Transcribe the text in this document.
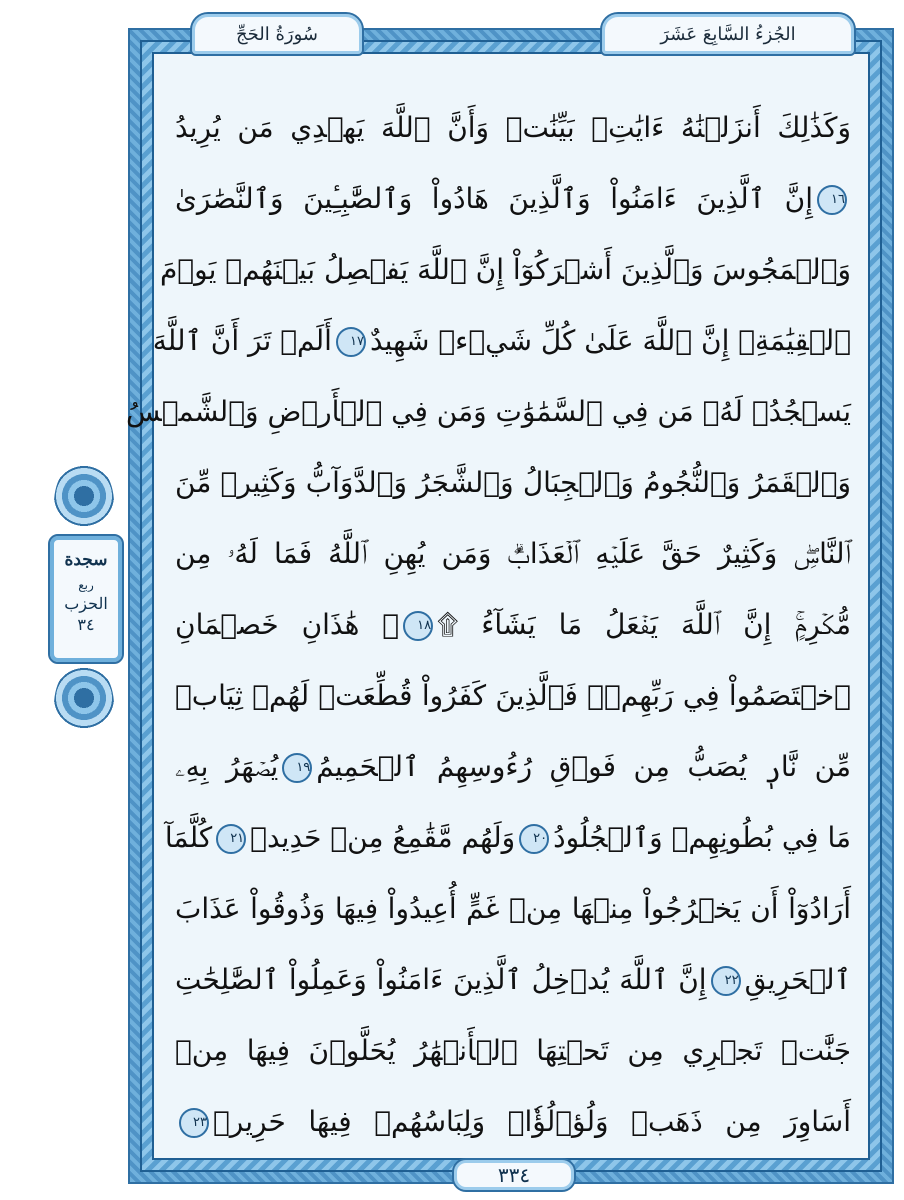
الجُزءُ السَّابِعَ عَشَرَ
سُورَةُ الحَجِّ
سجدة
ربع
الحزب
٣٤
وَكَذَٰلِكَ أَنزَلۡنَٰهُ ءَايَٰتِۢ بَيِّنَٰتٖ وَأَنَّ ٱللَّهَ يَهۡدِي مَن يُرِيدُ
١٦إِنَّ ٱلَّذِينَ ءَامَنُواْ وَٱلَّذِينَ هَادُواْ وَٱلصَّٰبِـِٔينَ وَٱلنَّصَٰرَىٰ
وَٱلۡمَجُوسَ وَٱلَّذِينَ أَشۡرَكُوٓاْ إِنَّ ٱللَّهَ يَفۡصِلُ بَيۡنَهُمۡ يَوۡمَ
ٱلۡقِيَٰمَةِۚ إِنَّ ٱللَّهَ عَلَىٰ كُلِّ شَيۡءٖ شَهِيدٌ١٧أَلَمۡ تَرَ أَنَّ ٱللَّهَ
يَسۡجُدُۤ لَهُۥ مَن فِي ٱلسَّمَٰوَٰتِ وَمَن فِي ٱلۡأَرۡضِ وَٱلشَّمۡسُ
وَٱلۡقَمَرُ وَٱلنُّجُومُ وَٱلۡجِبَالُ وَٱلشَّجَرُ وَٱلدَّوَآبُّ وَكَثِيرٞ مِّنَ
ٱلنَّاسِۖ وَكَثِيرٌ حَقَّ عَلَيۡهِ ٱلۡعَذَابُۗ وَمَن يُهِنِ ٱللَّهُ فَمَا لَهُۥ مِن
مُّكۡرِمٍۚ إِنَّ ٱللَّهَ يَفۡعَلُ مَا يَشَآءُ ۩١٨۞ هَٰذَانِ خَصۡمَانِ
ٱخۡتَصَمُواْ فِي رَبِّهِمۡۖ فَٱلَّذِينَ كَفَرُواْ قُطِّعَتۡ لَهُمۡ ثِيَابٞ
مِّن نَّارٖ يُصَبُّ مِن فَوۡقِ رُءُوسِهِمُ ٱلۡحَمِيمُ١٩يُصۡهَرُ بِهِۦ
مَا فِي بُطُونِهِمۡ وَٱلۡجُلُودُ٢٠وَلَهُم مَّقَٰمِعُ مِنۡ حَدِيدٖ٢١كُلَّمَآ
أَرَادُوٓاْ أَن يَخۡرُجُواْ مِنۡهَا مِنۡ غَمٍّ أُعِيدُواْ فِيهَا وَذُوقُواْ عَذَابَ
ٱلۡحَرِيقِ٢٢إِنَّ ٱللَّهَ يُدۡخِلُ ٱلَّذِينَ ءَامَنُواْ وَعَمِلُواْ ٱلصَّٰلِحَٰتِ
جَنَّٰتٖ تَجۡرِي مِن تَحۡتِهَا ٱلۡأَنۡهَٰرُ يُحَلَّوۡنَ فِيهَا مِنۡ
أَسَاوِرَ مِن ذَهَبٖ وَلُؤۡلُؤٗاۖ وَلِبَاسُهُمۡ فِيهَا حَرِيرٞ٢٣
٣٣٤
